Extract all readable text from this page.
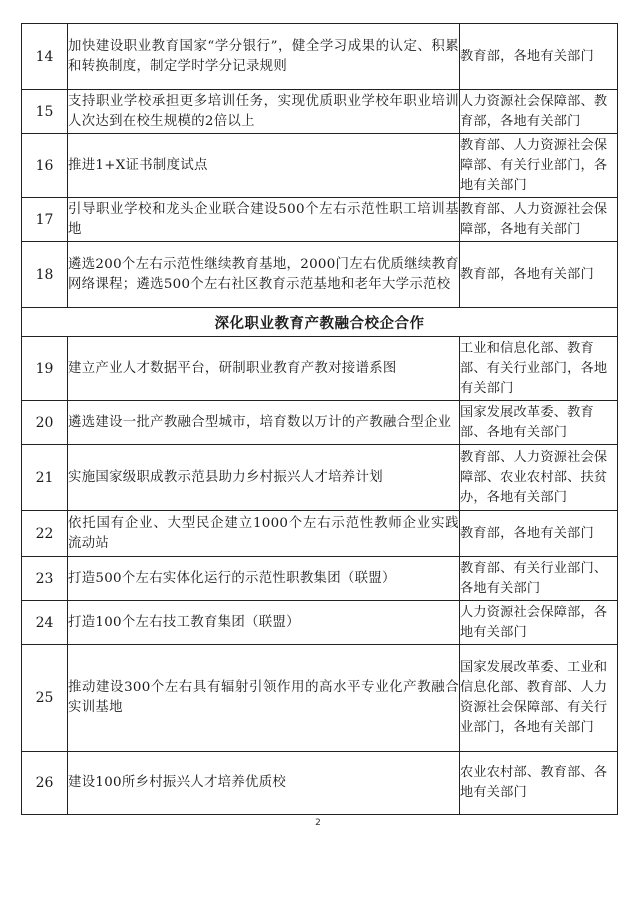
14	加快建设职业教育国家“学分银行”，健全学习成果的认定、积累和转换制度，制定学时学分记录规则	教育部，各地有关部门
15	支持职业学校承担更多培训任务，实现优质职业学校年职业培训人次达到在校生规模的2倍以上	人力资源社会保障部、教育部，各地有关部门
16	推进1+X证书制度试点	教育部、人力资源社会保障部、有关行业部门，各地有关部门
17	引导职业学校和龙头企业联合建设500个左右示范性职工培训基地	教育部、人力资源社会保障部，各地有关部门
18	遴选200个左右示范性继续教育基地，2000门左右优质继续教育网络课程；遴选500个左右社区教育示范基地和老年大学示范校	教育部，各地有关部门
深化职业教育产教融合校企合作		
19	建立产业人才数据平台，研制职业教育产教对接谱系图	工业和信息化部、教育部、有关行业部门，各地有关部门
20	遴选建设一批产教融合型城市，培育数以万计的产教融合型企业	国家发展改革委、教育部、各地有关部门
21	实施国家级职成教示范县助力乡村振兴人才培养计划	教育部、人力资源社会保障部、农业农村部、扶贫办，各地有关部门
22	依托国有企业、大型民企建立1000个左右示范性教师企业实践流动站	教育部，各地有关部门
23	打造500个左右实体化运行的示范性职教集团（联盟）	教育部、有关行业部门、各地有关部门
24	打造100个左右技工教育集团（联盟）	人力资源社会保障部，各地有关部门
25	推动建设300个左右具有辐射引领作用的高水平专业化产教融合实训基地	国家发展改革委、工业和信息化部、教育部、人力资源社会保障部、有关行业部门，各地有关部门
26	建设100所乡村振兴人才培养优质校	农业农村部、教育部、各地有关部门
2
